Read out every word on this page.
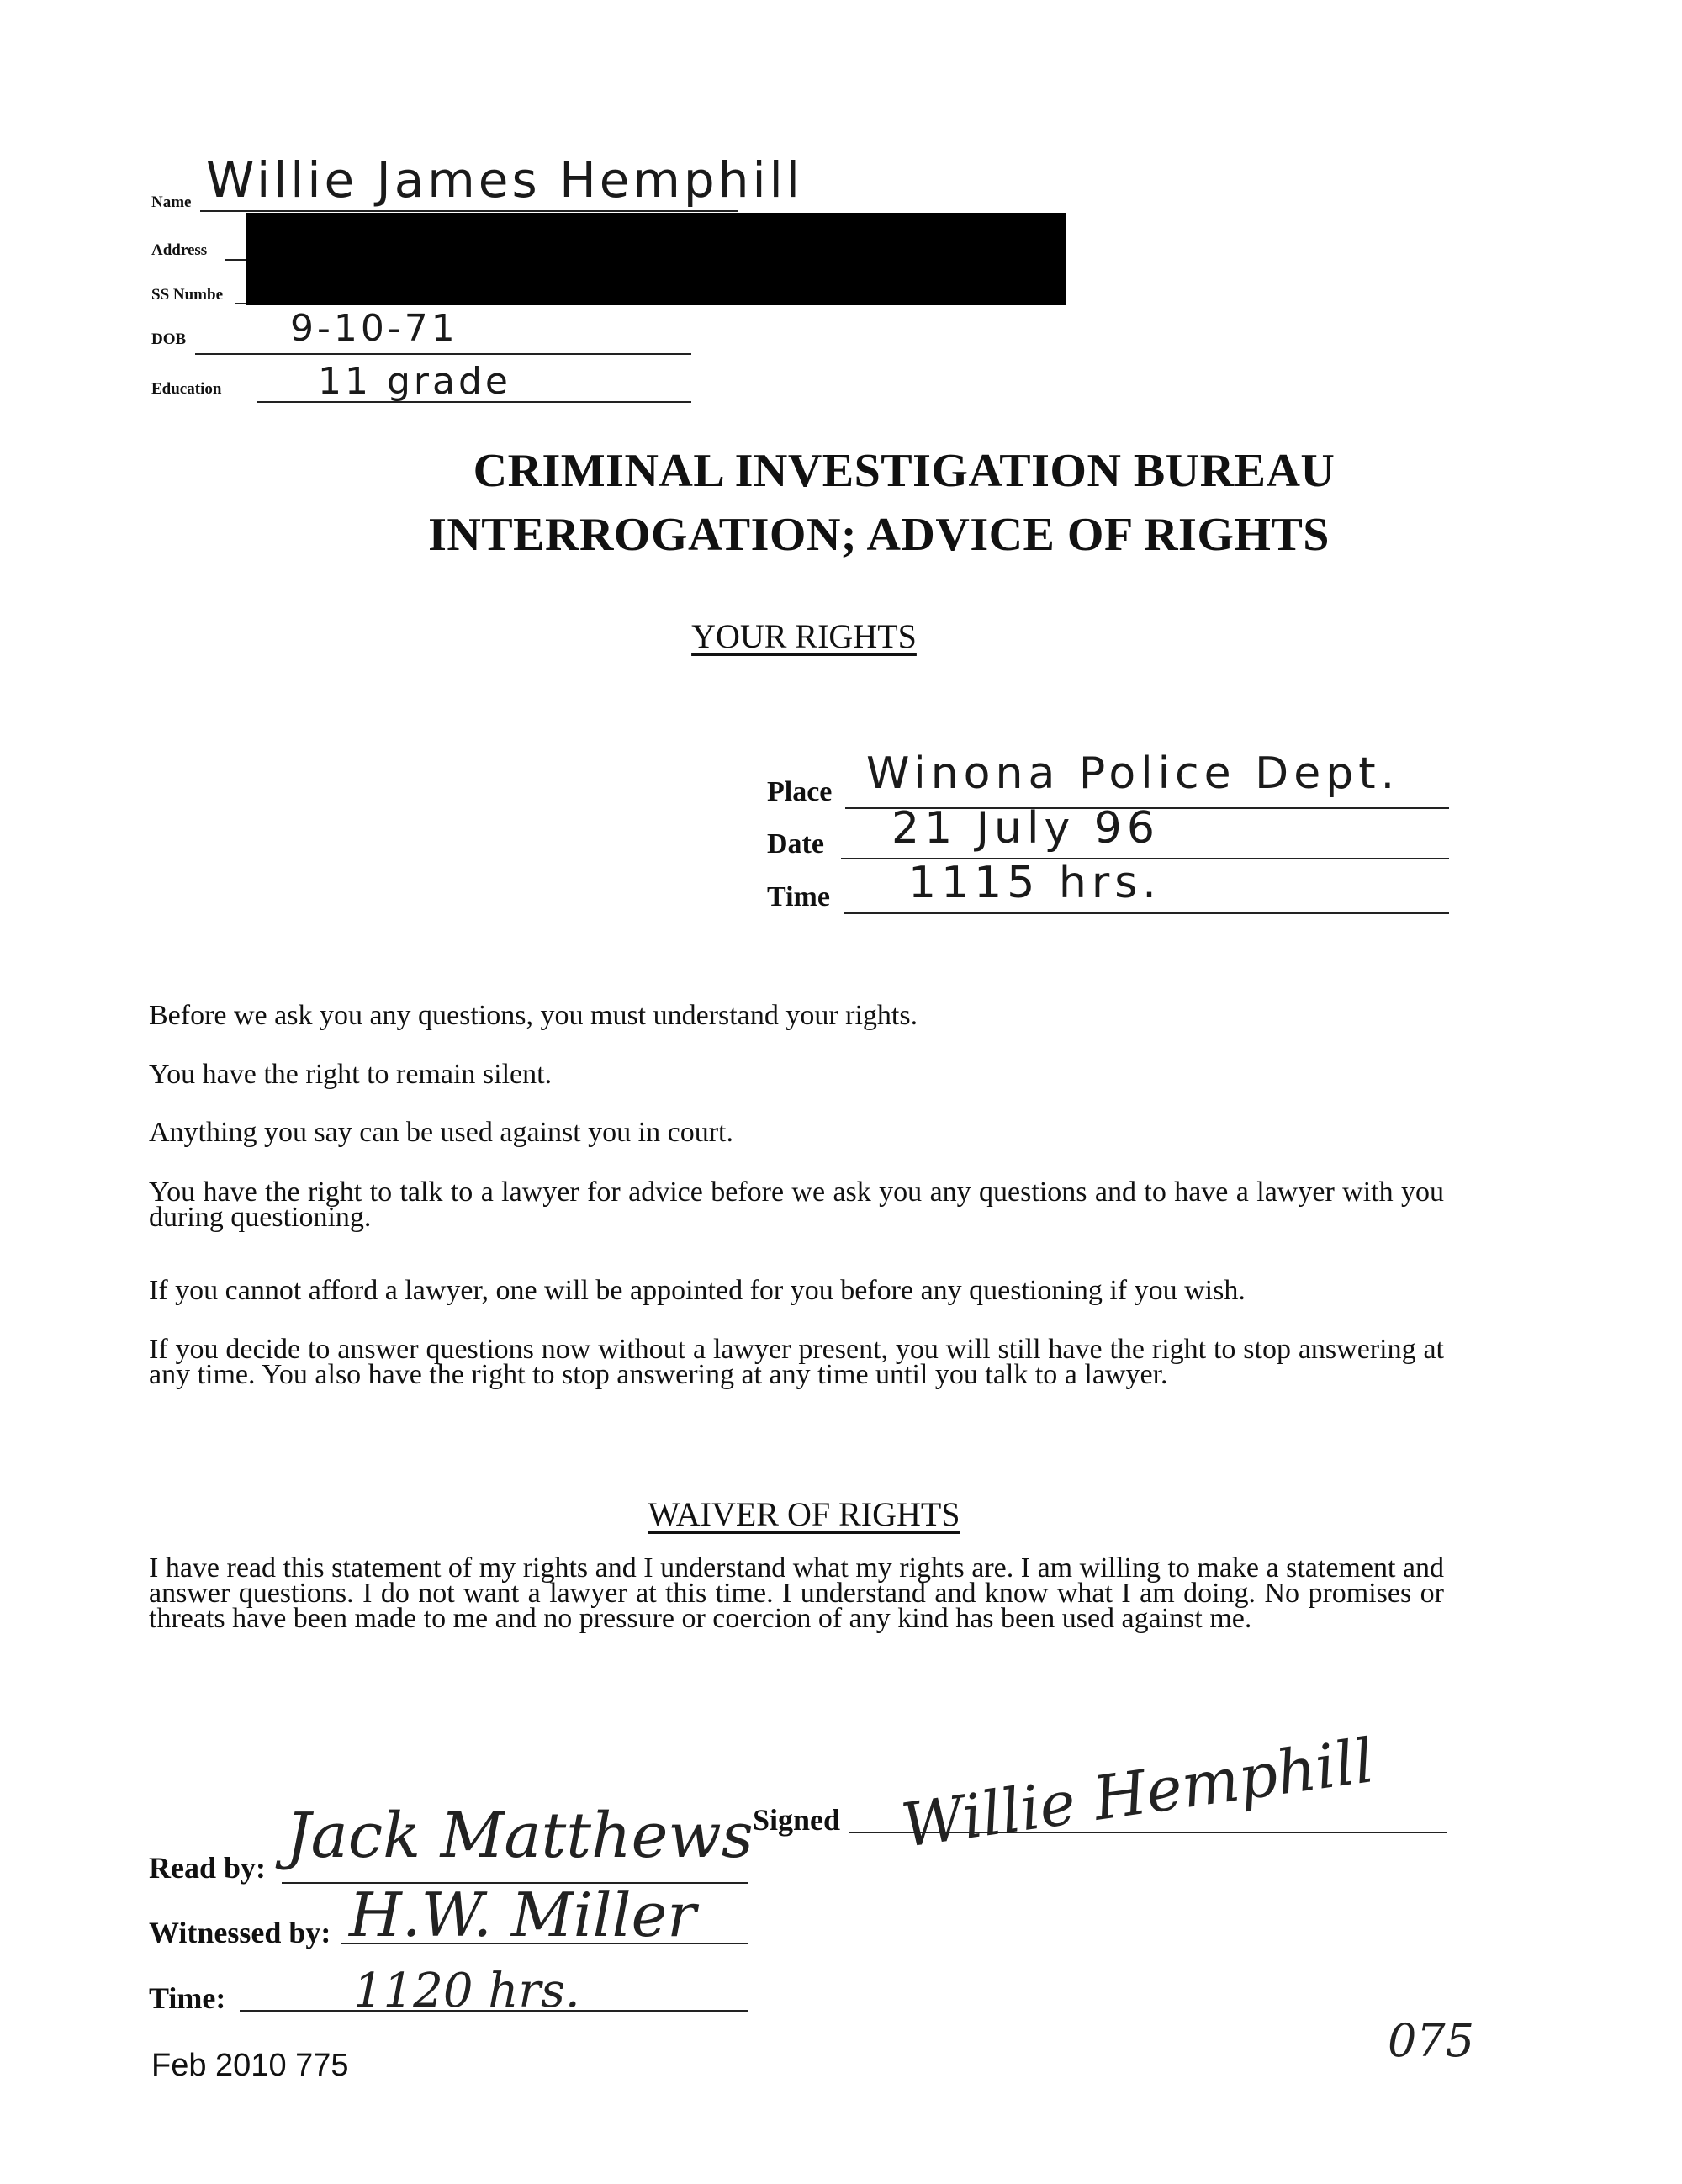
Name Willie James Hemphill
Address
SS Numbe
DOB	9-10-71
Education	11 grade
CRIMINAL INVESTIGATION BUREAU
INTERROGATION; ADVICE OF RIGHTS
YOUR RIGHTS
Place Winona Police Dept.
Date 21 July 96
Time 1115 hrs.
Before we ask you any questions, you must understand your rights.
You have the right to remain silent.
Anything you say can be used against you in court.
You have the right to talk to a lawyer for advice before we ask you any questions and to have a lawyer with you during questioning.
If you cannot afford a lawyer, one will be appointed for you before any questioning if you wish.
If you decide to answer questions now without a lawyer present, you will still have the right to stop answering at any time. You also have the right to stop answering at any time until you talk to a lawyer.
WAIVER OF RIGHTS
I have read this statement of my rights and I understand what my rights are. I am willing to make a statement and answer questions. I do not want a lawyer at this time. I understand and know what I am doing. No promises or threats have been made to me and no pressure or coercion of any kind has been used against me.
Signed Willie Hemphill
Read by: Jack Matthews
Witnessed by: H.W. Miller
Time:	1120 hrs.
Feb 2010 775	075
